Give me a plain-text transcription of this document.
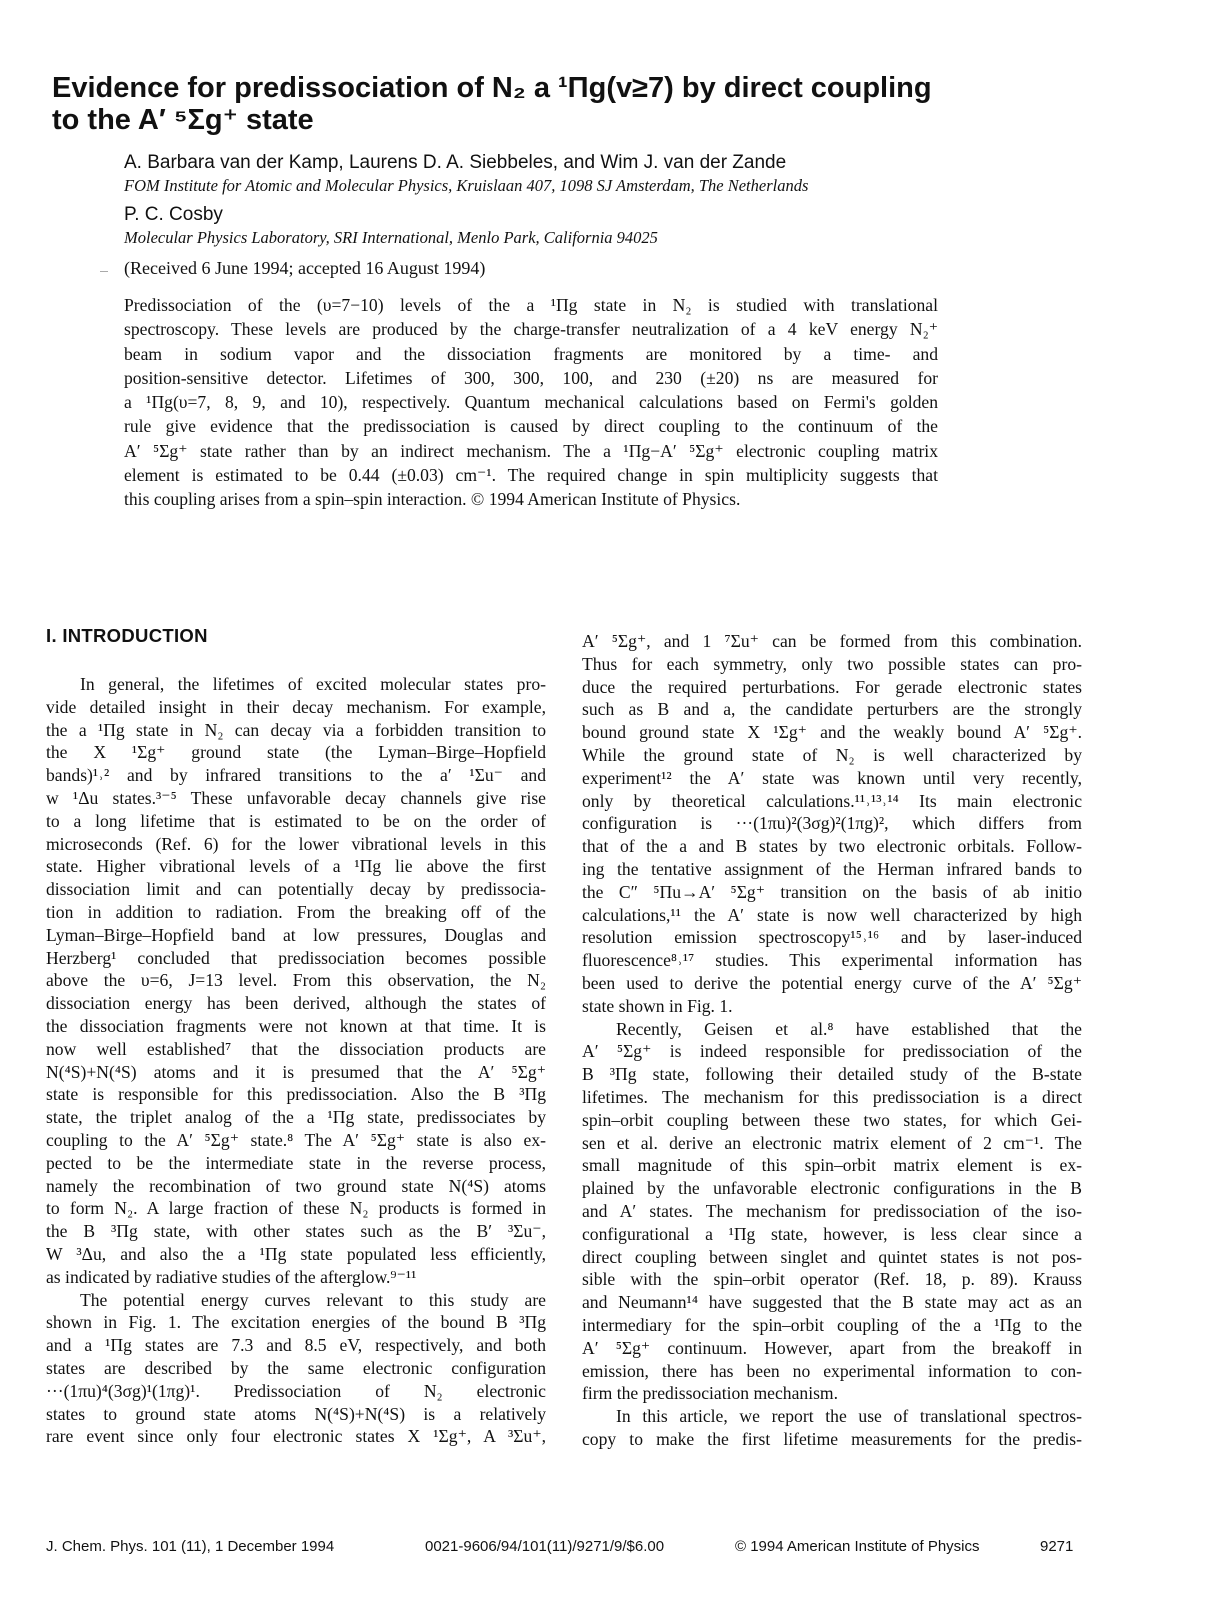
Evidence for predissociation of N₂ a ¹Πg(v≥7) by direct coupling
to the A′ ⁵Σg⁺ state
A. Barbara van der Kamp, Laurens D. A. Siebbeles, and Wim J. van der Zande
FOM Institute for Atomic and Molecular Physics, Kruislaan 407, 1098 SJ Amsterdam, The Netherlands
P. C. Cosby
Molecular Physics Laboratory, SRI International, Menlo Park, California 94025
(Received 6 June 1994; accepted 16 August 1994)
Predissociation of the (υ=7−10) levels of the a ¹Πg state in N₂ is studied with translational
spectroscopy. These levels are produced by the charge-transfer neutralization of a 4 keV energy N₂⁺
beam in sodium vapor and the dissociation fragments are monitored by a time- and
position-sensitive detector. Lifetimes of 300, 300, 100, and 230 (±20) ns are measured for
a ¹Πg(υ=7, 8, 9, and 10), respectively. Quantum mechanical calculations based on Fermi's golden
rule give evidence that the predissociation is caused by direct coupling to the continuum of the
A′ ⁵Σg⁺ state rather than by an indirect mechanism. The a ¹Πg−A′ ⁵Σg⁺ electronic coupling matrix
element is estimated to be 0.44 (±0.03) cm⁻¹. The required change in spin multiplicity suggests that
this coupling arises from a spin–spin interaction. © 1994 American Institute of Physics.
I. INTRODUCTION
In general, the lifetimes of excited molecular states pro-
vide detailed insight in their decay mechanism. For example,
the a ¹Πg state in N₂ can decay via a forbidden transition to
the X ¹Σg⁺ ground state (the Lyman–Birge–Hopfield
bands)¹˒² and by infrared transitions to the a′ ¹Σu⁻ and
w ¹Δu states.³⁻⁵ These unfavorable decay channels give rise
to a long lifetime that is estimated to be on the order of
microseconds (Ref. 6) for the lower vibrational levels in this
state. Higher vibrational levels of a ¹Πg lie above the first
dissociation limit and can potentially decay by predissocia-
tion in addition to radiation. From the breaking off of the
Lyman–Birge–Hopfield band at low pressures, Douglas and
Herzberg¹ concluded that predissociation becomes possible
above the υ=6, J=13 level. From this observation, the N₂
dissociation energy has been derived, although the states of
the dissociation fragments were not known at that time. It is
now well established⁷ that the dissociation products are
N(⁴S)+N(⁴S) atoms and it is presumed that the A′ ⁵Σg⁺
state is responsible for this predissociation. Also the B ³Πg
state, the triplet analog of the a ¹Πg state, predissociates by
coupling to the A′ ⁵Σg⁺ state.⁸ The A′ ⁵Σg⁺ state is also ex-
pected to be the intermediate state in the reverse process,
namely the recombination of two ground state N(⁴S) atoms
to form N₂. A large fraction of these N₂ products is formed in
the B ³Πg state, with other states such as the B′ ³Σu⁻,
W ³Δu, and also the a ¹Πg state populated less efficiently,
as indicated by radiative studies of the afterglow.⁹⁻¹¹
The potential energy curves relevant to this study are
shown in Fig. 1. The excitation energies of the bound B ³Πg
and a ¹Πg states are 7.3 and 8.5 eV, respectively, and both
states are described by the same electronic configuration
···(1πu)⁴(3σg)¹(1πg)¹. Predissociation of N₂ electronic
states to ground state atoms N(⁴S)+N(⁴S) is a relatively
rare event since only four electronic states X ¹Σg⁺, A ³Σu⁺,
A′ ⁵Σg⁺, and 1 ⁷Σu⁺ can be formed from this combination.
Thus for each symmetry, only two possible states can pro-
duce the required perturbations. For gerade electronic states
such as B and a, the candidate perturbers are the strongly
bound ground state X ¹Σg⁺ and the weakly bound A′ ⁵Σg⁺.
While the ground state of N₂ is well characterized by
experiment¹² the A′ state was known until very recently,
only by theoretical calculations.¹¹˒¹³˒¹⁴ Its main electronic
configuration is ···(1πu)²(3σg)²(1πg)², which differs from
that of the a and B states by two electronic orbitals. Follow-
ing the tentative assignment of the Herman infrared bands to
the C″ ⁵Πu→A′ ⁵Σg⁺ transition on the basis of ab initio
calculations,¹¹ the A′ state is now well characterized by high
resolution emission spectroscopy¹⁵˒¹⁶ and by laser-induced
fluorescence⁸˒¹⁷ studies. This experimental information has
been used to derive the potential energy curve of the A′ ⁵Σg⁺
state shown in Fig. 1.
Recently, Geisen et al.⁸ have established that the
A′ ⁵Σg⁺ is indeed responsible for predissociation of the
B ³Πg state, following their detailed study of the B-state
lifetimes. The mechanism for this predissociation is a direct
spin–orbit coupling between these two states, for which Gei-
sen et al. derive an electronic matrix element of 2 cm⁻¹. The
small magnitude of this spin–orbit matrix element is ex-
plained by the unfavorable electronic configurations in the B
and A′ states. The mechanism for predissociation of the iso-
configurational a ¹Πg state, however, is less clear since a
direct coupling between singlet and quintet states is not pos-
sible with the spin–orbit operator (Ref. 18, p. 89). Krauss
and Neumann¹⁴ have suggested that the B state may act as an
intermediary for the spin–orbit coupling of the a ¹Πg to the
A′ ⁵Σg⁺ continuum. However, apart from the breakoff in
emission, there has been no experimental information to con-
firm the predissociation mechanism.
In this article, we report the use of translational spectros-
copy to make the first lifetime measurements for the predis-
J. Chem. Phys. 101 (11), 1 December 1994	0021-9606/94/101(11)/9271/9/$6.00	© 1994 American Institute of Physics	9271
